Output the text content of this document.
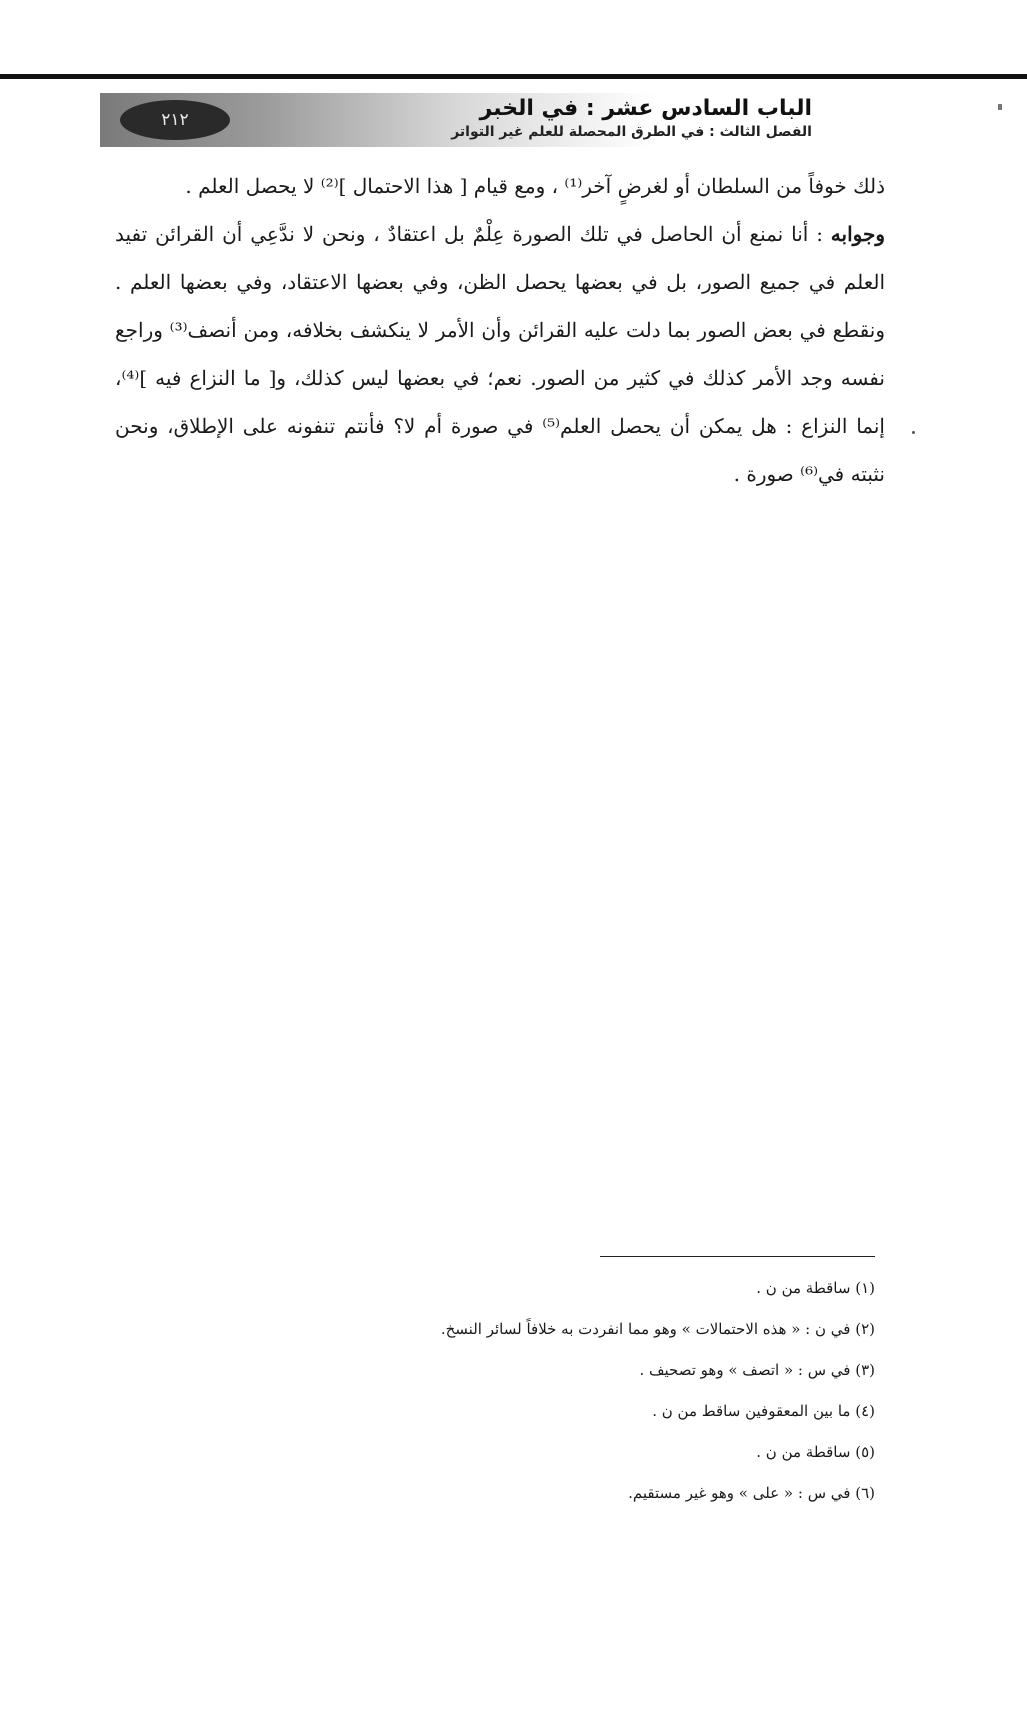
٢١٢	الباب السادس عشر : في الخبر
الفصل الثالث : في الطرق المحصلة للعلم غير التواتر

ذلك خوفاً من السلطان أو لغرضٍ آخر⁽¹⁾ ، ومع قيام [ هذا الاحتمال ]⁽²⁾ لا يحصل العلم .

وجوابه : أنا نمنع أن الحاصل في تلك الصورة عِلْمٌ بل اعتقادٌ ، ونحن لا ندَّعِي أن القرائن تفيد العلم في جميع الصور، بل في بعضها يحصل الظن، وفي بعضها الاعتقاد، وفي بعضها العلم . ونقطع في بعض الصور بما دلت عليه القرائن وأن الأمر لا ينكشف بخلافه، ومن أنصف⁽³⁾ وراجع نفسه وجد الأمر كذلك في كثير من الصور. نعم؛ في بعضها ليس كذلك، و[ ما النزاع فيه ]⁽⁴⁾، إنما النزاع : هل يمكن أن يحصل العلم⁽⁵⁾ في صورة أم لا؟ فأنتم تنفونه على الإطلاق، ونحن نثبته في⁽⁶⁾ صورة .

(١) ساقطة من ن .
(٢) في ن : « هذه الاحتمالات » وهو مما انفردت به خلافاً لسائر النسخ.
(٣) في س : « اتصف » وهو تصحيف .
(٤) ما بين المعقوفين ساقط من ن .
(٥) ساقطة من ن .
(٦) في س : « على » وهو غير مستقيم.
